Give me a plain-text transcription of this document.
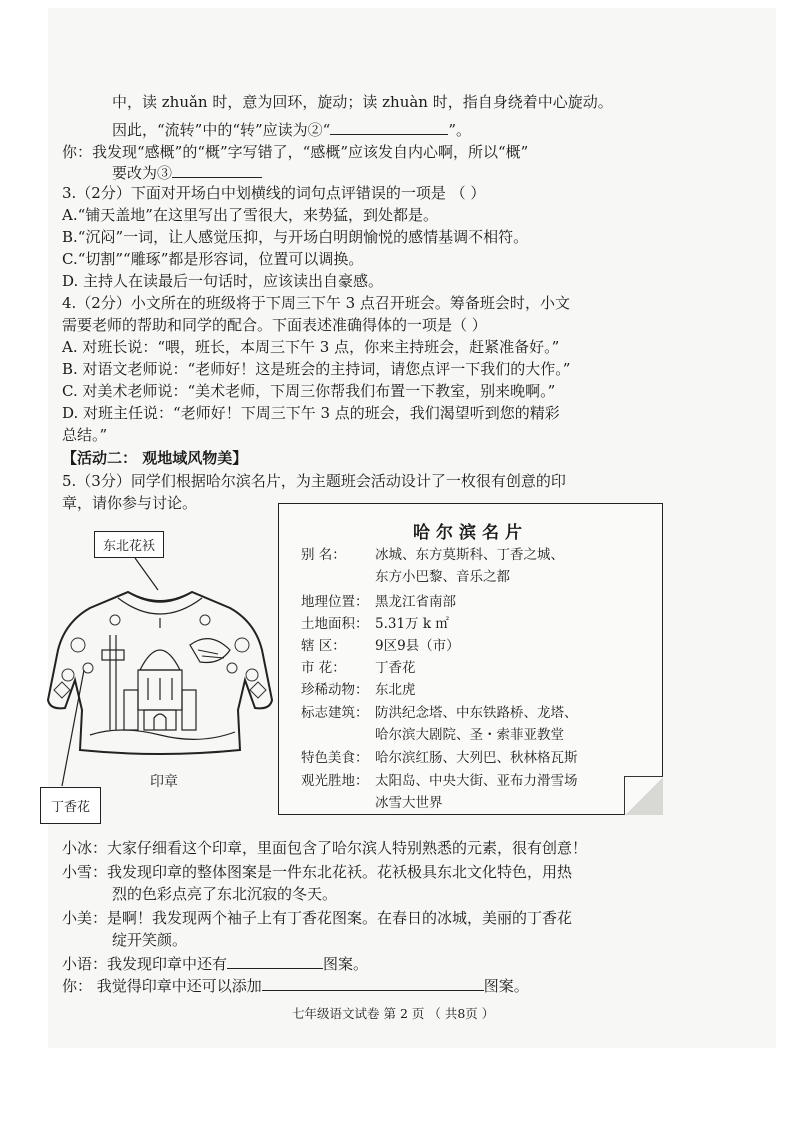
中，读 zhuǎn 时，意为回环，旋动；读 zhuàn 时，指自身绕着中心旋动。
因此，“流转”中的“转”应读为②“	”。
你：我发现“感概”的“概”字写错了，“感概”应该发自内心啊，所以“概”
要改为③
3.（2分）下面对开场白中划横线的词句点评错误的一项是 （ ）
A.“铺天盖地”在这里写出了雪很大，来势猛，到处都是。
B.“沉闷”一词，让人感觉压抑，与开场白明朗愉悦的感情基调不相符。
C.“切割”“雕琢”都是形容词，位置可以调换。
D. 主持人在读最后一句话时，应该读出自豪感。
4.（2分）小文所在的班级将于下周三下午 3 点召开班会。筹备班会时，小文
需要老师的帮助和同学的配合。下面表述准确得体的一项是（ ）
A. 对班长说：“喂，班长，本周三下午 3 点，你来主持班会，赶紧准备好。”
B. 对语文老师说：“老师好！这是班会的主持词，请您点评一下我们的大作。”
C. 对美术老师说：“美术老师，下周三你帮我们布置一下教室，别来晚啊。”
D. 对班主任说：“老师好！下周三下午 3 点的班会，我们渴望听到您的精彩
总结。”
【活动二： 观地域风物美】
5.（3分）同学们根据哈尔滨名片，为主题班会活动设计了一枚很有创意的印
章，请你参与讨论。
东北花袄
丁香花
印章
哈尔滨名片
别 名： 冰城、东方莫斯科、丁香之城、
东方小巴黎、音乐之都
地理位置： 黑龙江省南部
土地面积： 5.31万 k ㎡
辖 区： 9区9县（市）
市 花： 丁香花
珍稀动物： 东北虎
标志建筑： 防洪纪念塔、中东铁路桥、龙塔、
哈尔滨大剧院、圣・索菲亚教堂
特色美食： 哈尔滨红肠、大列巴、秋林格瓦斯
观光胜地： 太阳岛、中央大街、亚布力滑雪场
冰雪大世界
小冰：大家仔细看这个印章，里面包含了哈尔滨人特别熟悉的元素，很有创意！
小雪：我发现印章的整体图案是一件东北花袄。花袄极具东北文化特色，用热
烈的色彩点亮了东北沉寂的冬天。
小美：是啊！我发现两个袖子上有丁香花图案。在春日的冰城，美丽的丁香花
绽开笑颜。
小语：我发现印章中还有	图案。
你： 我觉得印章中还可以添加	图案。
七年级语文试卷 第 2 页 （ 共8页 ）
